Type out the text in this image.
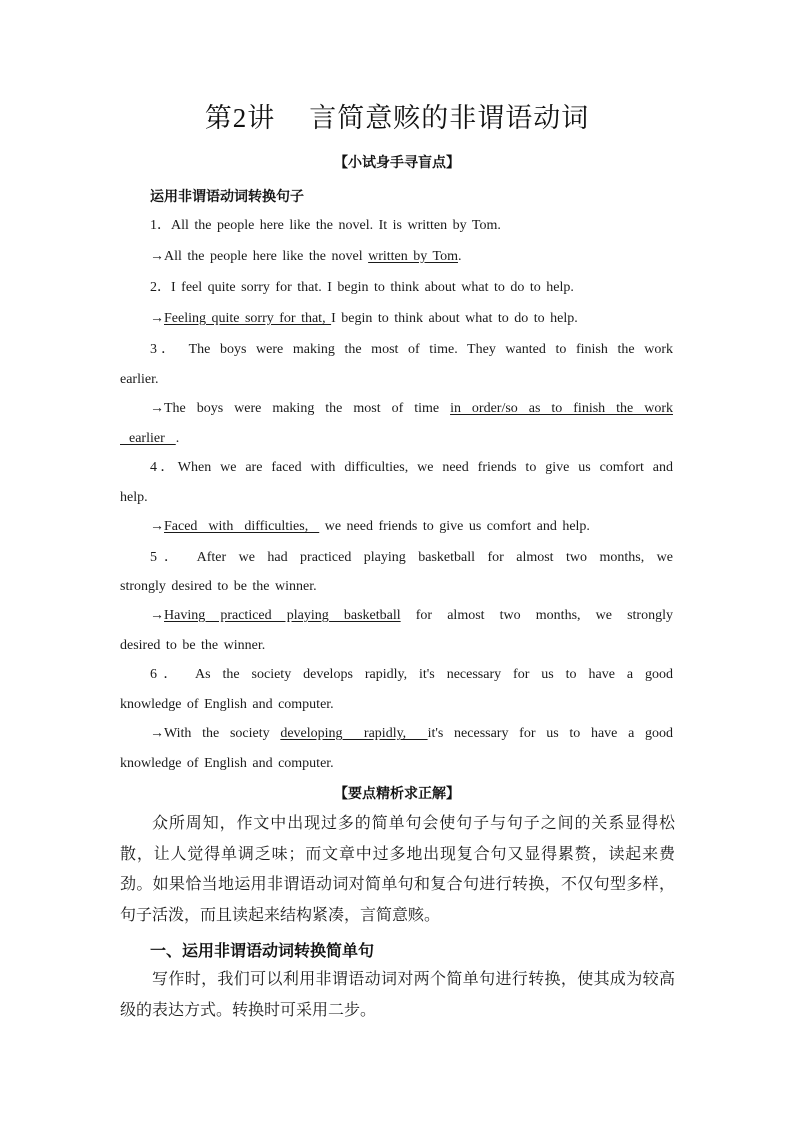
第2讲 言简意赅的非谓语动词
【小试身手寻盲点】
运用非谓语动词转换句子
1．All the people here like the novel. It is written by Tom.
→All the people here like the novel written by Tom.
2．I feel quite sorry for that. I begin to think about what to do to help.
→Feeling quite sorry for that, I begin to think about what to do to help.
3． The boys were making the most of time. They wanted to finish the work
earlier.
→The boys were making the most of time in order/so as to finish the work
earlier  .
4．When we are faced with difficulties, we need friends to give us comfort and
help.
→Faced  with  difficulties,   we need friends to give us comfort and help.
5． After we had practiced playing basketball for almost two months, we
strongly desired to be the winner.
→Having practiced playing basketball for almost two months, we strongly
desired to be the winner.
6． As the society develops rapidly, it's necessary for us to have a good
knowledge of English and computer.
→With the society developing  rapidly,  it's necessary for us to have a good
knowledge of English and computer.
【要点精析求正解】
众所周知，作文中出现过多的简单句会使句子与句子之间的关系显得松散，让人觉得单调乏味；而文章中过多地出现复合句又显得累赘，读起来费劲。如果恰当地运用非谓语动词对简单句和复合句进行转换，不仅句型多样，句子活泼，而且读起来结构紧凑，言简意赅。
一、运用非谓语动词转换简单句
写作时，我们可以利用非谓语动词对两个简单句进行转换，使其成为较高级的表达方式。转换时可采用二步。
